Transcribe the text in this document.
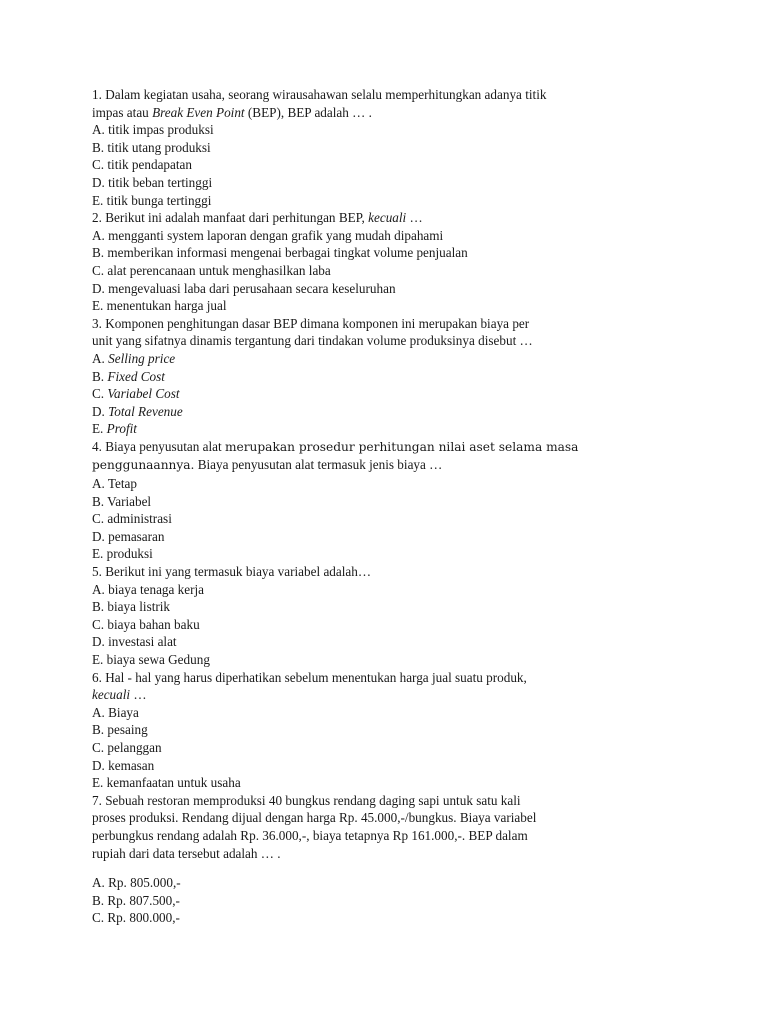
1. Dalam kegiatan usaha, seorang wirausahawan selalu memperhitungkan adanya titik
impas atau Break Even Point (BEP), BEP adalah … .
A. titik impas produksi
B. titik utang produksi
C. titik pendapatan
D. titik beban tertinggi
E. titik bunga tertinggi
2. Berikut ini adalah manfaat dari perhitungan BEP, kecuali …
A. mengganti system laporan dengan grafik yang mudah dipahami
B. memberikan informasi mengenai berbagai tingkat volume penjualan
C. alat perencanaan untuk menghasilkan laba
D. mengevaluasi laba dari perusahaan secara keseluruhan
E. menentukan harga jual
3. Komponen penghitungan dasar BEP dimana komponen ini merupakan biaya per
unit yang sifatnya dinamis tergantung dari tindakan volume produksinya disebut …
A. Selling price
B. Fixed Cost
C. Variabel Cost
D. Total Revenue
E. Profit
4. Biaya penyusutan alat merupakan prosedur perhitungan nilai aset selama masa
penggunaannya. Biaya penyusutan alat termasuk jenis biaya …
A. Tetap
B. Variabel
C. administrasi
D. pemasaran
E. produksi
5. Berikut ini yang termasuk biaya variabel adalah…
A. biaya tenaga kerja
B. biaya listrik
C. biaya bahan baku
D. investasi alat
E. biaya sewa Gedung
6. Hal - hal yang harus diperhatikan sebelum menentukan harga jual suatu produk,
kecuali …
A. Biaya
B. pesaing
C. pelanggan
D. kemasan
E. kemanfaatan untuk usaha
7. Sebuah restoran memproduksi 40 bungkus rendang daging sapi untuk satu kali
proses produksi. Rendang dijual dengan harga Rp. 45.000,-/bungkus. Biaya variabel
perbungkus rendang adalah Rp. 36.000,-, biaya tetapnya Rp 161.000,-. BEP dalam
rupiah dari data tersebut adalah … .
A. Rp. 805.000,-
B. Rp. 807.500,-
C. Rp. 800.000,-
